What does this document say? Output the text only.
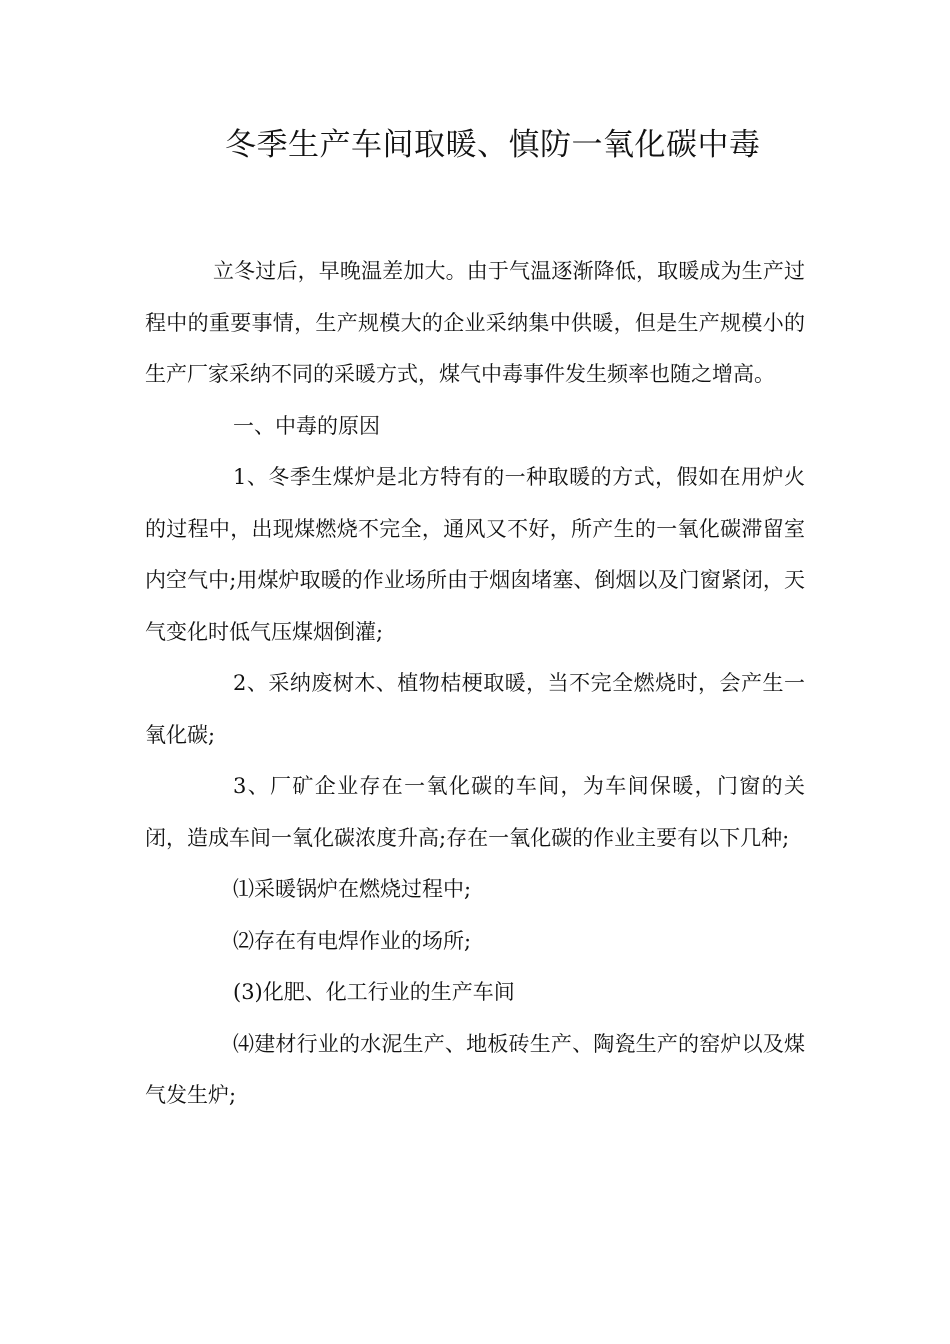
冬季生产车间取暖、慎防一氧化碳中毒

立冬过后，早晚温差加大。由于气温逐渐降低，取暖成为生产过程中的重要事情，生产规模大的企业采纳集中供暖，但是生产规模小的生产厂家采纳不同的采暖方式，煤气中毒事件发生频率也随之增高。

一、中毒的原因

1、冬季生煤炉是北方特有的一种取暖的方式，假如在用炉火的过程中，出现煤燃烧不完全，通风又不好，所产生的一氧化碳滞留室内空气中;用煤炉取暖的作业场所由于烟囱堵塞、倒烟以及门窗紧闭，天气变化时低气压煤烟倒灌;

2、采纳废树木、植物桔梗取暖，当不完全燃烧时，会产生一氧化碳;

3、厂矿企业存在一氧化碳的车间，为车间保暖，门窗的关闭，造成车间一氧化碳浓度升高;存在一氧化碳的作业主要有以下几种;

⑴采暖锅炉在燃烧过程中;

⑵存在有电焊作业的场所;

(3)化肥、化工行业的生产车间

⑷建材行业的水泥生产、地板砖生产、陶瓷生产的窑炉以及煤气发生炉;
